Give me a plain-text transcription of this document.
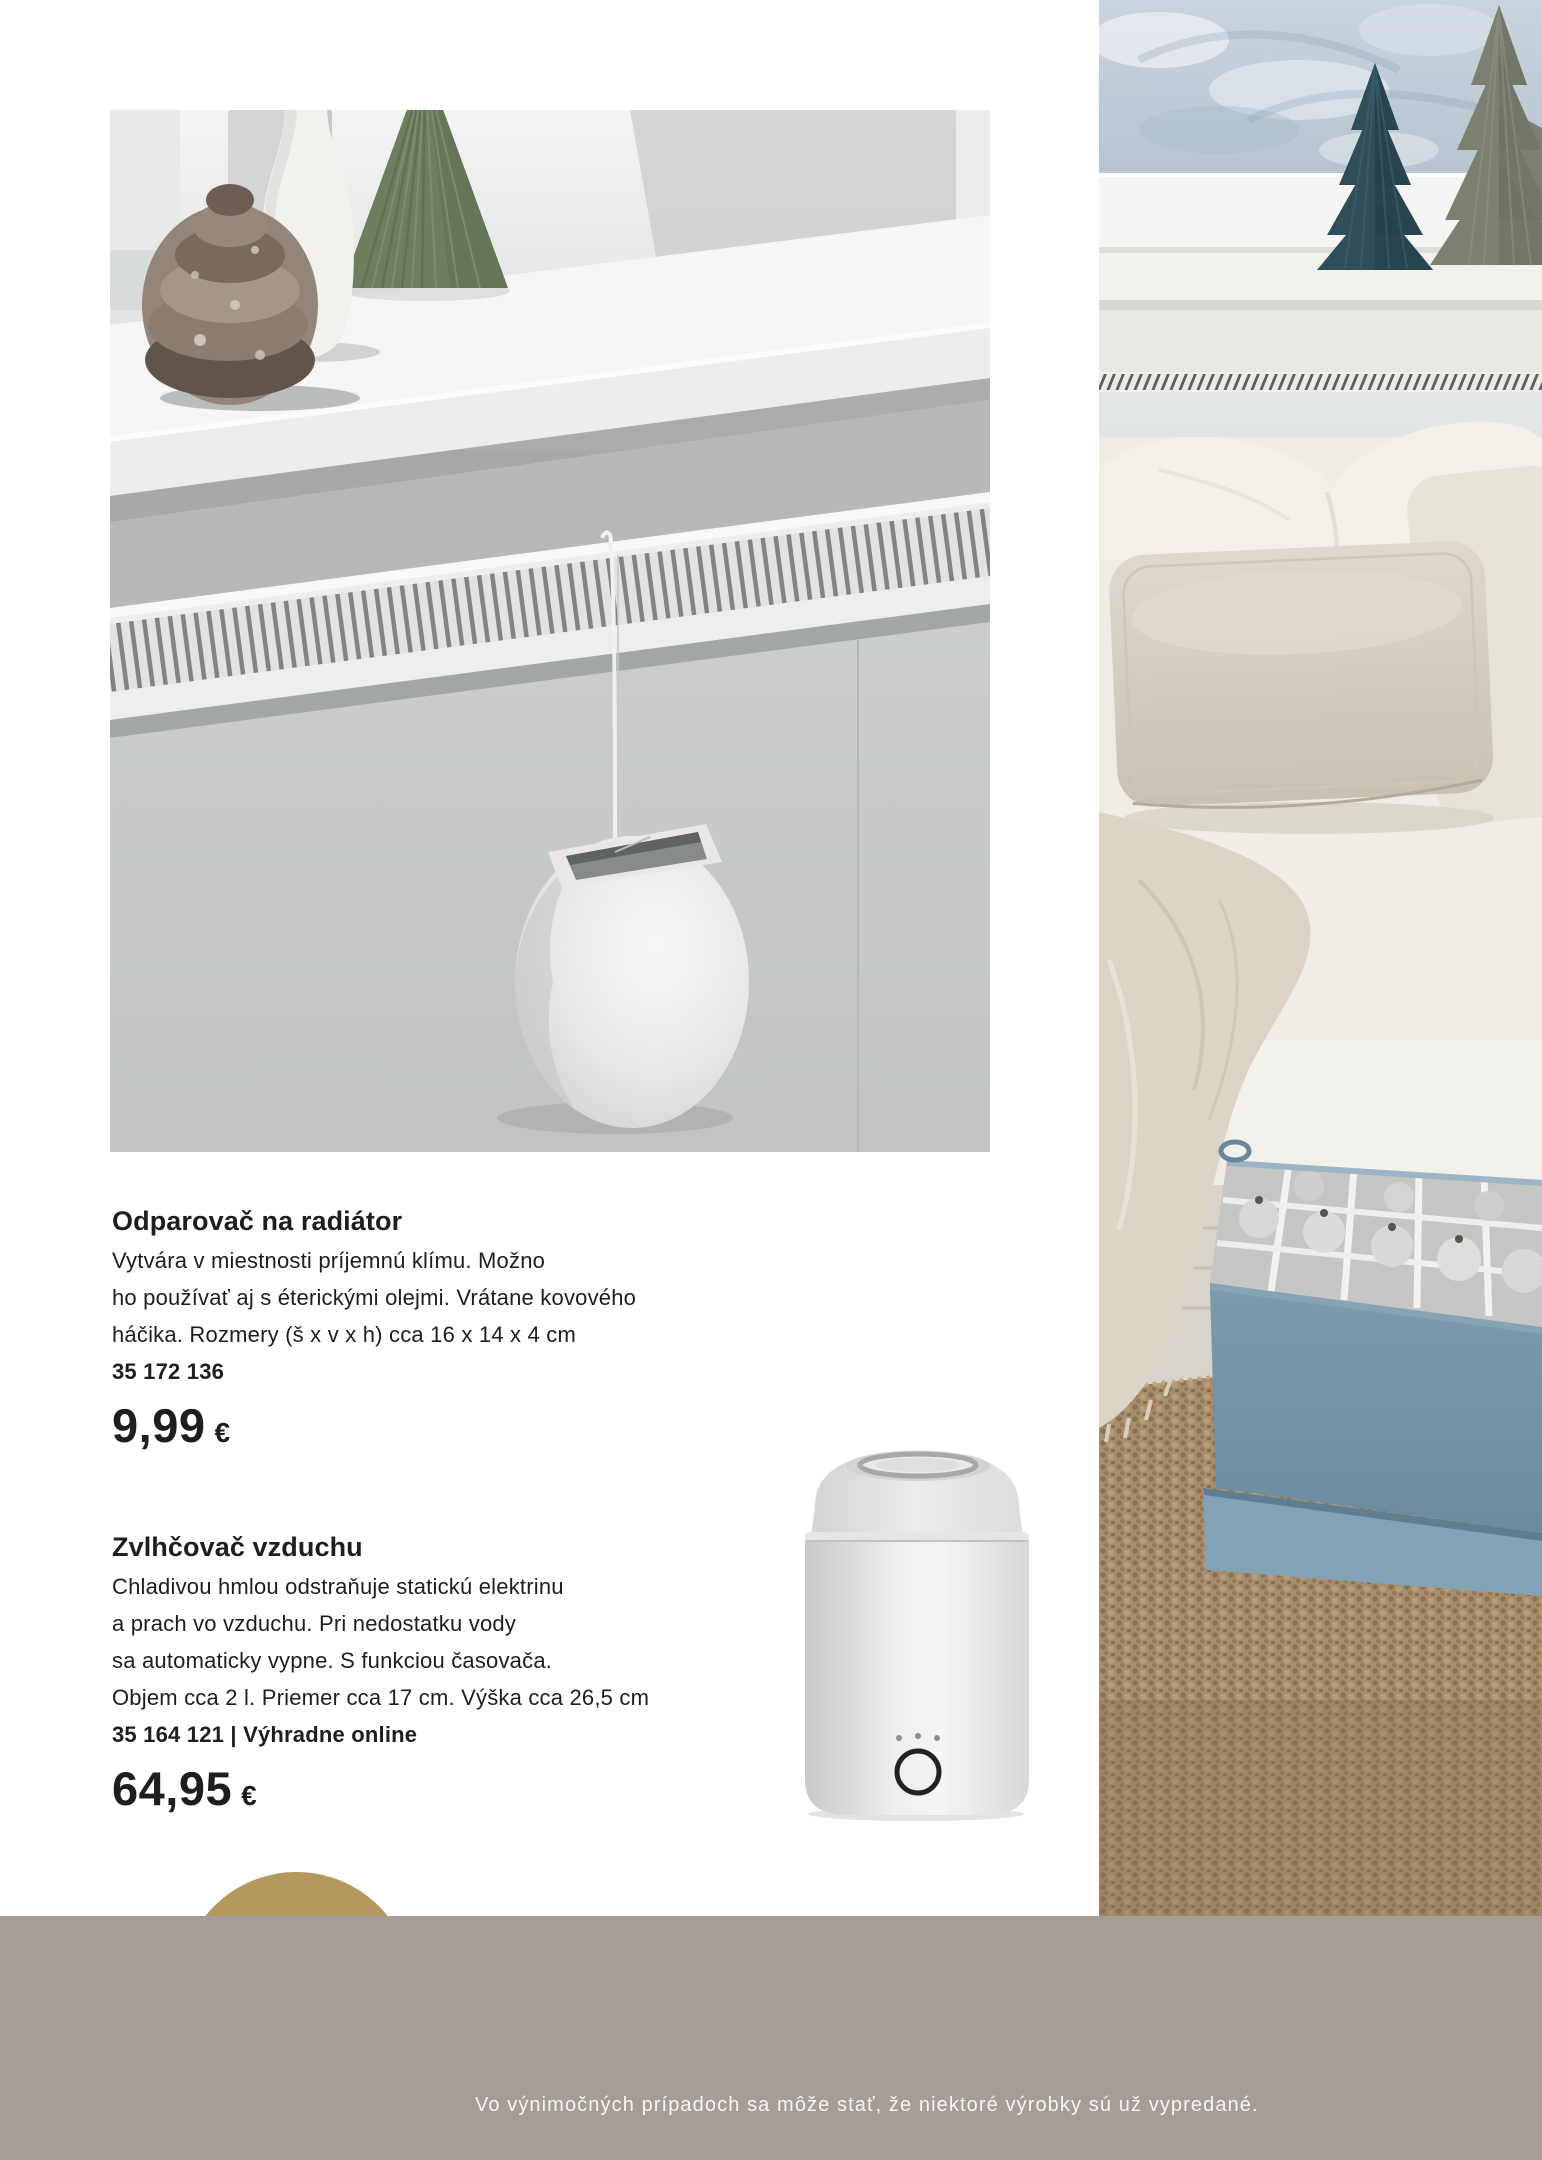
Odparovač na radiátor
Vytvára v miestnosti príjemnú klímu. Možno
ho používať aj s éterickými olejmi. Vrátane kovového
háčika. Rozmery (š x v x h) cca 16 x 14 x 4 cm
35 172 136
9,99 €
Zvlhčovač vzduchu
Chladivou hmlou odstraňuje statickú elektrinu
a prach vo vzduchu. Pri nedostatku vody
sa automaticky vypne. S funkciou časovača.
Objem cca 2 l. Priemer cca 17 cm. Výška cca 26,5 cm
35 164 121 | Výhradne online
64,95 €
Vo výnimočných prípadoch sa môže stať, že niektoré výrobky sú už vypredané.
